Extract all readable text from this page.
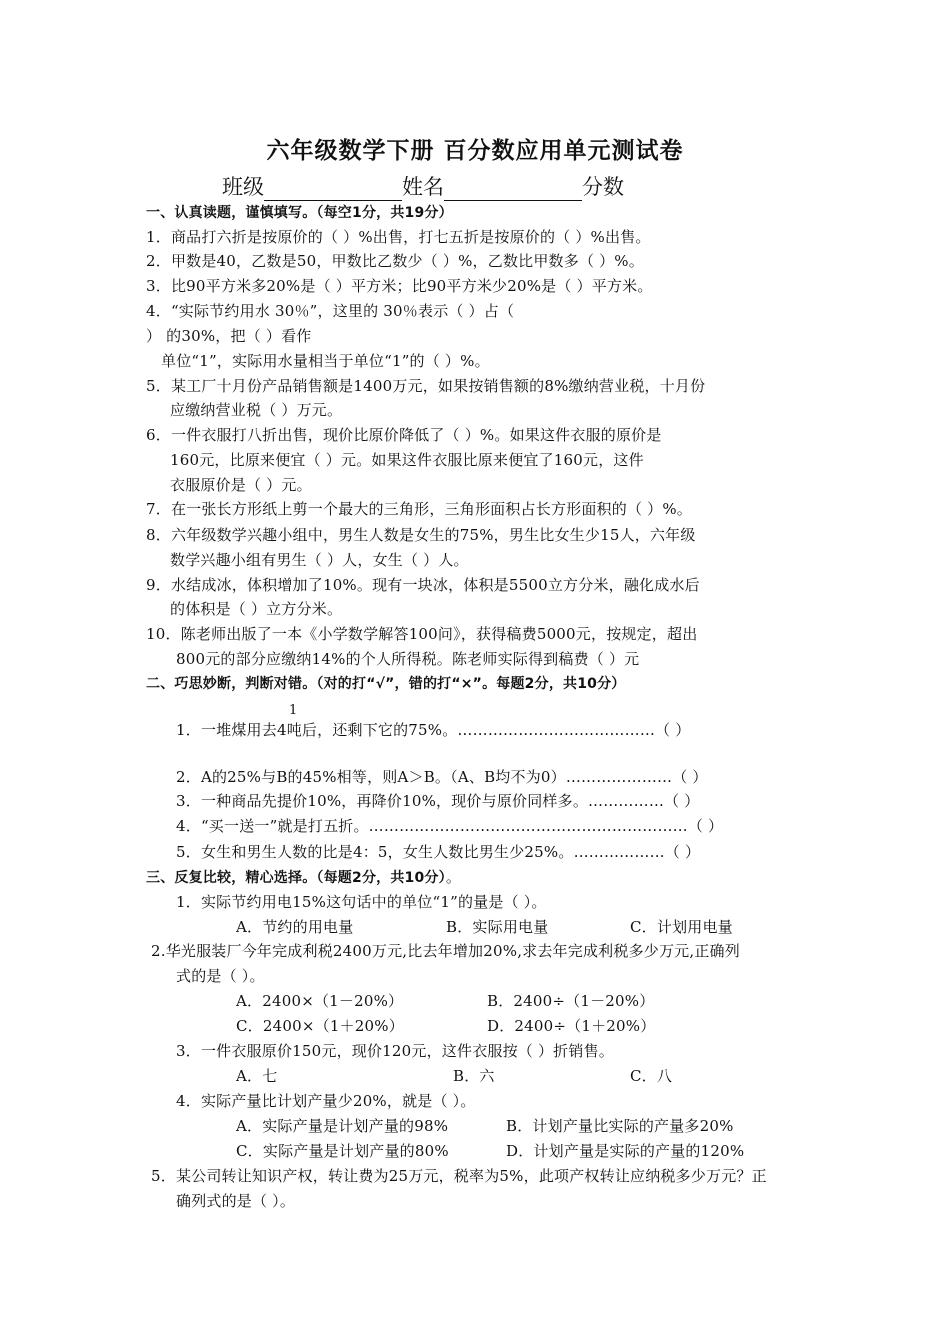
六年级数学下册 百分数应用单元测试卷
班级	姓名	分数
一、认真读题，谨慎填写。（每空1分，共19分）
1．商品打六折是按原价的（ ）%出售，打七五折是按原价的（ ）%出售。
2．甲数是40，乙数是50，甲数比乙数少（ ）%，乙数比甲数多（ ）%。
3．比90平方米多20%是（ ）平方米；比90平方米少20%是（ ）平方米。
4．“实际节约用水 30％”，这里的 30％表示（ ）占（
） 的30%，把（ ）看作
单位“1”，实际用水量相当于单位“1”的（ ）%。
5．某工厂十月份产品销售额是1400万元，如果按销售额的8%缴纳营业税，十月份
应缴纳营业税（ ）万元。
6．一件衣服打八折出售，现价比原价降低了（ ）%。如果这件衣服的原价是
160元，比原来便宜（ ）元。如果这件衣服比原来便宜了160元，这件
衣服原价是（ ）元。
7．在一张长方形纸上剪一个最大的三角形，三角形面积占长方形面积的（ ）%。
8．六年级数学兴趣小组中，男生人数是女生的75%，男生比女生少15人，六年级
数学兴趣小组有男生（ ）人，女生（ ）人。
9．水结成冰，体积增加了10%。现有一块冰，体积是5500立方分米，融化成水后
的体积是（ ）立方分米。
10．陈老师出版了一本《小学数学解答100问》，获得稿费5000元，按规定，超出
800元的部分应缴纳14%的个人所得税。陈老师实际得到稿费（ ）元
二、巧思妙断，判断对错。（对的打“√”，错的打“×”。每题2分，共10分）
1
1．一堆煤用去4吨后，还剩下它的75%。…………………………………（ ）
2．A的25%与B的45%相等，则A＞B。（A、B均不为0）…………………（ ）
3．一种商品先提价10%，再降价10%，现价与原价同样多。……………（ ）
4．“买一送一”就是打五折。………………………………………………………（ ）
5．女生和男生人数的比是4：5，女生人数比男生少25%。………………（ ）
三、反复比较，精心选择。（每题2分，共10分）。
1．实际节约用电15%这句话中的单位“1”的量是（ ）。
A．节约的用电量	B．实际用电量	C．计划用电量
2.华光服装厂今年完成利税2400万元,比去年增加20%,求去年完成利税多少万元,正确列
式的是（ ）。
A．2400×（1－20%）	B．2400÷（1－20%）
C．2400×（1＋20%）	D．2400÷（1＋20%）
3．一件衣服原价150元，现价120元，这件衣服按（ ）折销售。
A．七	B．六	C．八
4．实际产量比计划产量少20%，就是（ ）。
A．实际产量是计划产量的98%	B．计划产量比实际的产量多20%
C．实际产量是计划产量的80%	D．计划产量是实际的产量的120%
5．某公司转让知识产权，转让费为25万元，税率为5%，此项产权转让应纳税多少万元？正
确列式的是（ ）。
